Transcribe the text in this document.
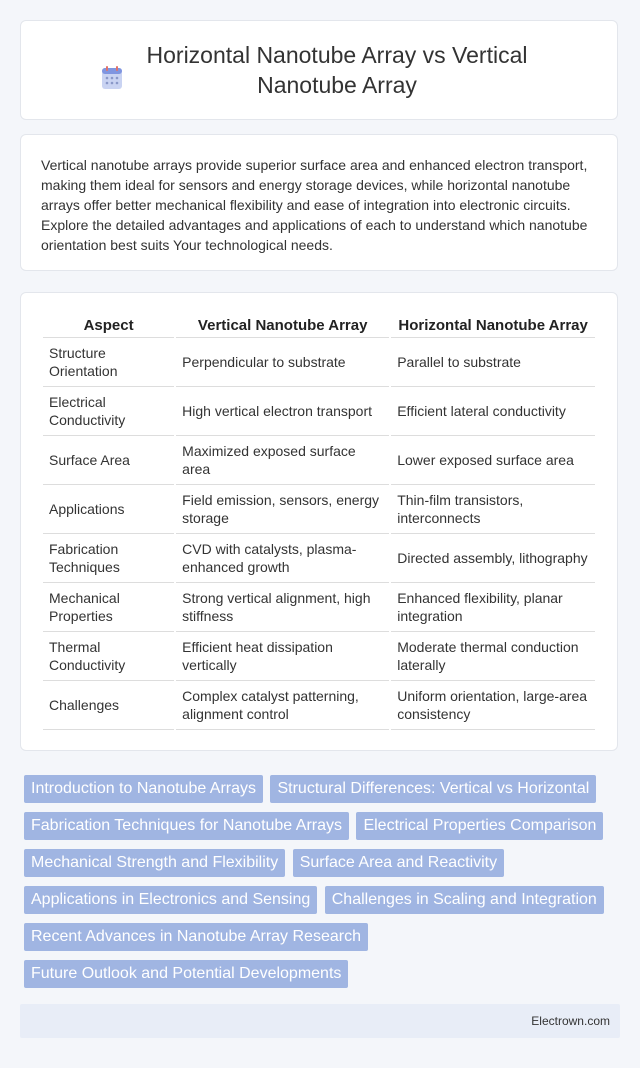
Horizontal Nanotube Array vs Vertical Nanotube Array

Vertical nanotube arrays provide superior surface area and enhanced electron transport, making them ideal for sensors and energy storage devices, while horizontal nanotube arrays offer better mechanical flexibility and ease of integration into electronic circuits. Explore the detailed advantages and applications of each to understand which nanotube orientation best suits Your technological needs.

Aspect	Vertical Nanotube Array	Horizontal Nanotube Array
Structure Orientation	Perpendicular to substrate	Parallel to substrate
Electrical Conductivity	High vertical electron transport	Efficient lateral conductivity
Surface Area	Maximized exposed surface area	Lower exposed surface area
Applications	Field emission, sensors, energy storage	Thin-film transistors, interconnects
Fabrication Techniques	CVD with catalysts, plasma-enhanced growth	Directed assembly, lithography
Mechanical Properties	Strong vertical alignment, high stiffness	Enhanced flexibility, planar integration
Thermal Conductivity	Efficient heat dissipation vertically	Moderate thermal conduction laterally
Challenges	Complex catalyst patterning, alignment control	Uniform orientation, large-area consistency
Introduction to Nanotube Arrays Structural Differences: Vertical vs Horizontal Fabrication Techniques for Nanotube Arrays Electrical Properties Comparison Mechanical Strength and Flexibility Surface Area and Reactivity Applications in Electronics and Sensing Challenges in Scaling and Integration Recent Advances in Nanotube Array Research Future Outlook and Potential Developments
Electrown.com
